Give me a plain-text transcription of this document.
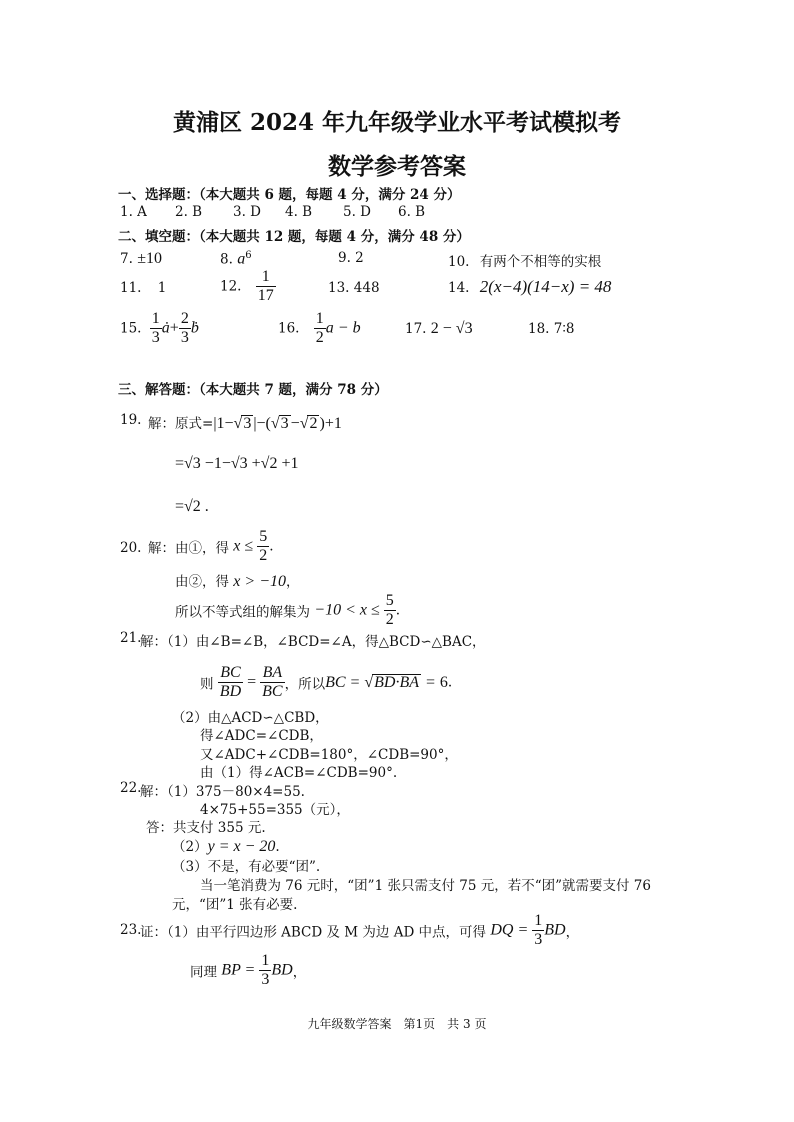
黄浦区 2024 年九年级学业水平考试模拟考
数学参考答案
一、选择题：（本大题共 6 题，每题 4 分，满分 24 分）
1. A 2. B 3. D 4. B 5. D 6. B
二、填空题：（本大题共 12 题，每题 4 分，满分 48 分）
7. ±10	8. $a^6$	9. 2	10. 有两个不相等的实根
11. 1	12. $\frac{1}{17}$	13. 448	14. 2(x−4)(14−x) = 48
15. $\frac{1}{3}$ ȧ+ $\frac{2}{3}$ ḃ	16. $\frac{1}{2}$ a − b	17. 2 − √3	18. 7∶8
三、解答题：（本大题共 7 题，满分 78 分）
19. 解：原式=|1−√3 |−(√3 −√2 )+1
=√3 −1−√3 +√2 +1
=√2 .
20. 解：由①，得 $x \le \frac{5}{2}$ .
由②，得 x > −10，
所以不等式组的解集为 $-10 < x \le \frac{5}{2}$ .
21.
解：（1）由∠B=∠B，∠BCD=∠A，得△BCD∽△BAC，
则 $\frac{BC}{BD} = \frac{BA}{BC}$ ，所以BC = √BD·BA = 6.
（2）由△ACD∽△CBD，
得∠ADC=∠CDB，
又∠ADC+∠CDB=180°，∠CDB=90°，
由（1）得∠ACB=∠CDB=90°.
22.
解：（1）375－80×4=55.
4×75+55=355（元），
答：共支付 355 元.
（2）y = x − 20.
（3）不是，有必要“团”.
当一笔消费为 76 元时，“团”1 张只需支付 75 元，若不“团”就需要支付 76
元，“团”1 张有必要.
23.
证：（1）由平行四边形 ABCD 及 M 为边 AD 中点，可得 DQ = $\frac{1}{3}$ BD，
同理 BP = $\frac{1}{3}$ BD，
九年级数学答案　第1页　共 3 页
